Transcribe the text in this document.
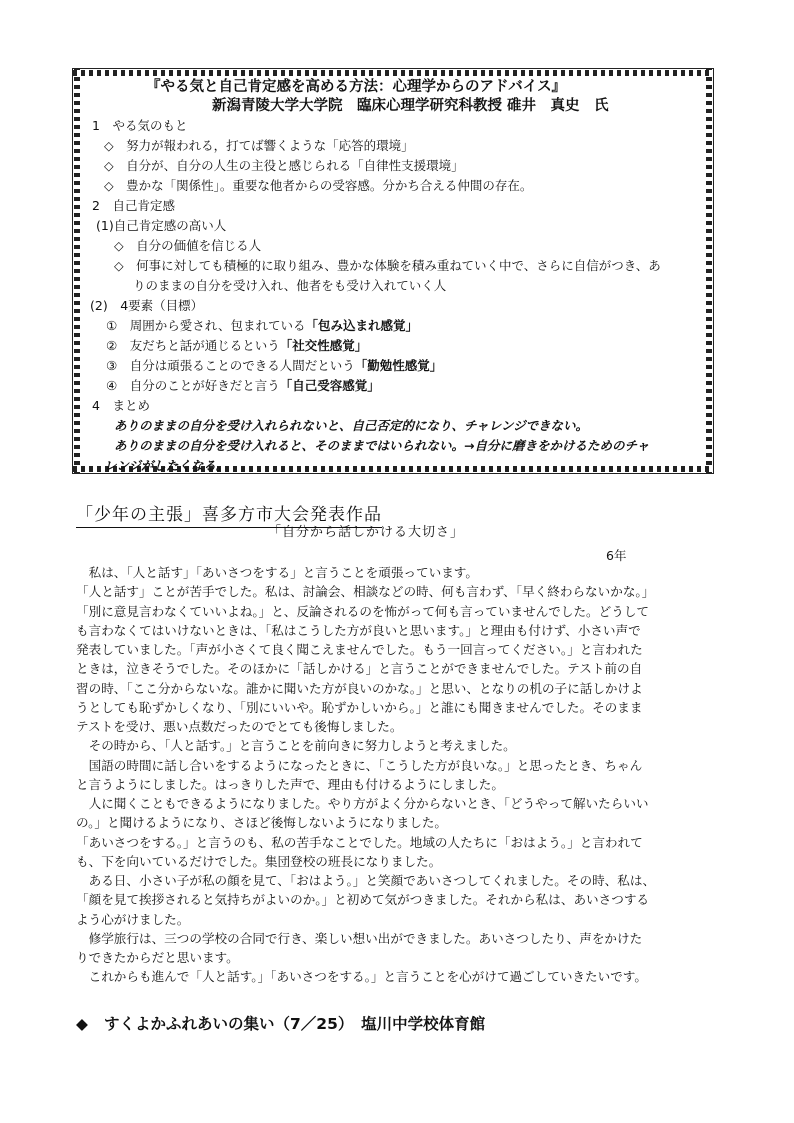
『やる気と自己肯定感を高める方法：心理学からのアドバイス』
新潟青陵大学大学院　臨床心理学研究科教授 碓井　真史　氏
1　やる気のもと
◇　努力が報われる，打てば響くような「応答的環境」
◇　自分が、自分の人生の主役と感じられる「自律性支援環境」
◇　豊かな「関係性」。重要な他者からの受容感。分かち合える仲間の存在。
2　自己肯定感
(1)自己肯定感の高い人
◇　自分の価値を信じる人
◇　何事に対しても積極的に取り組み、豊かな体験を積み重ねていく中で、さらに自信がつき、あ
りのままの自分を受け入れ、他者をも受け入れていく人
(2)　4要素（目標）
①　周囲から愛され、包まれている「包み込まれ感覚」
②　友だちと話が通じるという「社交性感覚」
③　自分は頑張ることのできる人間だという「勤勉性感覚」
④　自分のことが好きだと言う「自己受容感覚」
4　まとめ
ありのままの自分を受け入れられないと、自己否定的になり、チャレンジできない。
ありのままの自分を受け入れると、そのままではいられない。→自分に磨きをかけるためのチャ
レンジがしたくなる。
「少年の主張」喜多方市大会発表作品
「自分から話しかける大切さ」
6年
　私は、「人と話す」「あいさつをする」と言うことを頑張っています。
「人と話す」ことが苦手でした。私は、討論会、相談などの時、何も言わず、「早く終わらないかな。」
「別に意見言わなくていいよね。」と、反論されるのを怖がって何も言っていませんでした。どうして
も言わなくてはいけないときは、「私はこうした方が良いと思います。」と理由も付けず、小さい声で
発表していました。「声が小さくて良く聞こえませんでした。もう一回言ってください。」と言われた
ときは，泣きそうでした。そのほかに「話しかける」と言うことができませんでした。テスト前の自
習の時、「ここ分からないな。誰かに聞いた方が良いのかな。」と思い、となりの机の子に話しかけよ
うとしても恥ずかしくなり、「別にいいや。恥ずかしいから。」と誰にも聞きませんでした。そのまま
テストを受け、悪い点数だったのでとても後悔しました。
　その時から、「人と話す。」と言うことを前向きに努力しようと考えました。
　国語の時間に話し合いをするようになったときに、「こうした方が良いな。」と思ったとき、ちゃん
と言うようにしました。はっきりした声で、理由も付けるようにしました。
　人に聞くこともできるようになりました。やり方がよく分からないとき、「どうやって解いたらいい
の。」と聞けるようになり、さほど後悔しないようになりました。
「あいさつをする。」と言うのも、私の苦手なことでした。地域の人たちに「おはよう。」と言われて
も、下を向いているだけでした。集団登校の班長になりました。
　ある日、小さい子が私の顔を見て、「おはよう。」と笑顔であいさつしてくれました。その時、私は、
「顔を見て挨拶されると気持ちがよいのか。」と初めて気がつきました。それから私は、あいさつする
よう心がけました。
　修学旅行は、三つの学校の合同で行き、楽しい想い出ができました。あいさつしたり、声をかけた
りできたからだと思います。
　これからも進んで「人と話す。」「あいさつをする。」と言うことを心がけて過ごしていきたいです。
◆ すくよかふれあいの集い（7／25）　塩川中学校体育館
